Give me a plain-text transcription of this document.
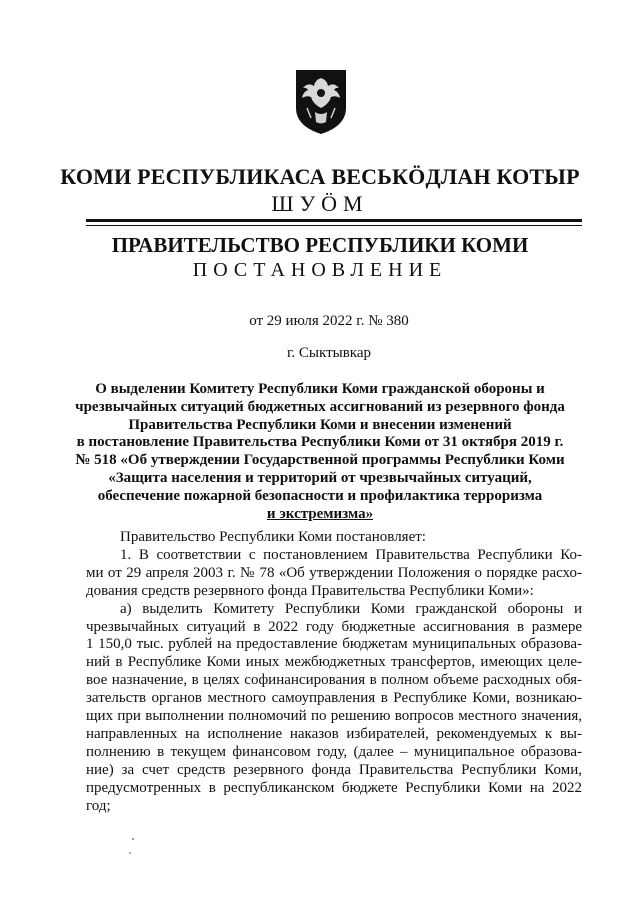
КОМИ РЕСПУБЛИКАСА ВЕСЬКӦДЛАН КОТЫР
ШУӦМ
ПРАВИТЕЛЬСТВО РЕСПУБЛИКИ КОМИ
ПОСТАНОВЛЕНИЕ
от 29 июля 2022 г. № 380
г. Сыктывкар
О выделении Комитету Республики Коми гражданской обороны и
чрезвычайных ситуаций бюджетных ассигнований из резервного фонда
Правительства Республики Коми и внесении изменений
в постановление Правительства Республики Коми от 31 октября 2019 г.
№ 518 «Об утверждении Государственной программы Республики Коми
«Защита населения и территорий от чрезвычайных ситуаций,
обеспечение пожарной безопасности и профилактика терроризма
и экстремизма»
Правительство Республики Коми постановляет:
1. В соответствии с постановлением Правительства Республики Ко-
ми от 29 апреля 2003 г. № 78 «Об утверждении Положения о порядке расхо-
дования средств резервного фонда Правительства Республики Коми»:
а) выделить Комитету Республики Коми гражданской обороны и
чрезвычайных ситуаций в 2022 году бюджетные ассигнования в размере
1 150,0 тыс. рублей на предоставление бюджетам муниципальных образова-
ний в Республике Коми иных межбюджетных трансфертов, имеющих целе-
вое назначение, в целях софинансирования в полном объеме расходных обя-
зательств органов местного самоуправления в Республике Коми, возникаю-
щих при выполнении полномочий по решению вопросов местного значения,
направленных на исполнение наказов избирателей, рекомендуемых к вы-
полнению в текущем финансовом году, (далее – муниципальное образова-
ние) за счет средств резервного фонда Правительства Республики Коми,
предусмотренных в республиканском бюджете Республики Коми на 2022
год;
